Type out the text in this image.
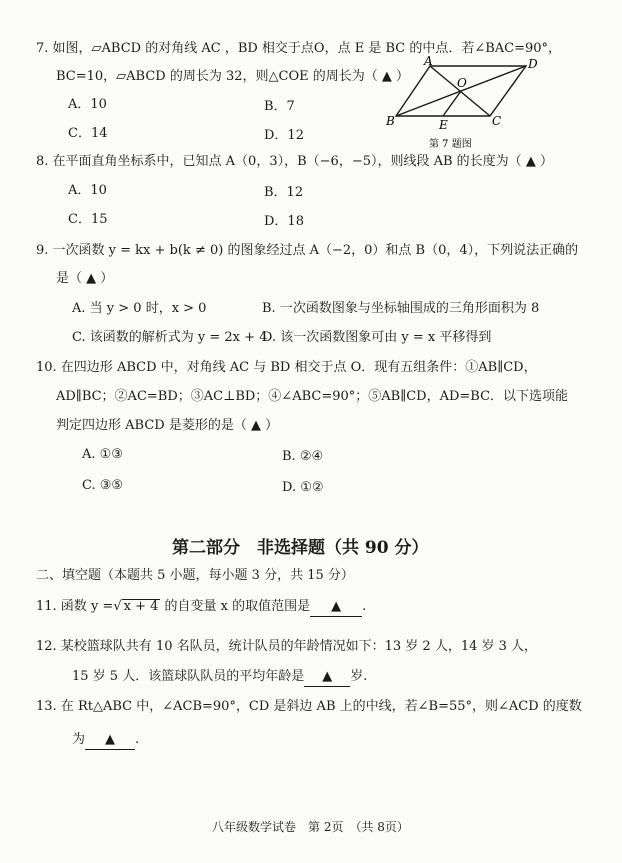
7. 如图，▱ABCD 的对角线 AC ，BD 相交于点O，点 E 是 BC 的中点．若∠BAC=90°，
BC=10，▱ABCD 的周长为 32，则△COE 的周长为（ ▲ ）
A．10	B．7
C．14	D．12
A	D
O
B	E	C
第 7 题图
8. 在平面直角坐标系中，已知点 A（0，3），B（−6，−5），则线段 AB 的长度为（ ▲ ）
A．10	B．12
C．15	D．18
9. 一次函数 y = kx + b(k ≠ 0) 的图象经过点 A（−2，0）和点 B（0，4），下列说法正确的
是（ ▲ ）
A. 当 y > 0 时，x > 0	B. 一次函数图象与坐标轴围成的三角形面积为 8
C. 该函数的解析式为 y = 2x + 4
D. 该一次函数图象可由 y = x 平移得到
10. 在四边形 ABCD 中，对角线 AC 与 BD 相交于点 O．现有五组条件：①AB∥CD，
AD∥BC；②AC=BD；③AC⊥BD；④∠ABC=90°；⑤AB∥CD，AD=BC．以下选项能
判定四边形 ABCD 是菱形的是（ ▲ ）
A. ①③	B. ②④
C. ③⑤	D. ①②
第二部分　非选择题（共 90 分）
二、填空题（本题共 5 小题，每小题 3 分，共 15 分）
11. 函数 y =√ x + 4 的自变量 x 的取值范围是 ▲ .
12. 某校篮球队共有 10 名队员，统计队员的年龄情况如下：13 岁 2 人，14 岁 3 人，
15 岁 5 人．该篮球队队员的平均年龄是 ▲ 岁.
13. 在 Rt△ABC 中，∠ACB=90°，CD 是斜边 AB 上的中线，若∠B=55°，则∠ACD 的度数
为 ▲ .
八年级数学试卷　第 2页　（共 8页）
